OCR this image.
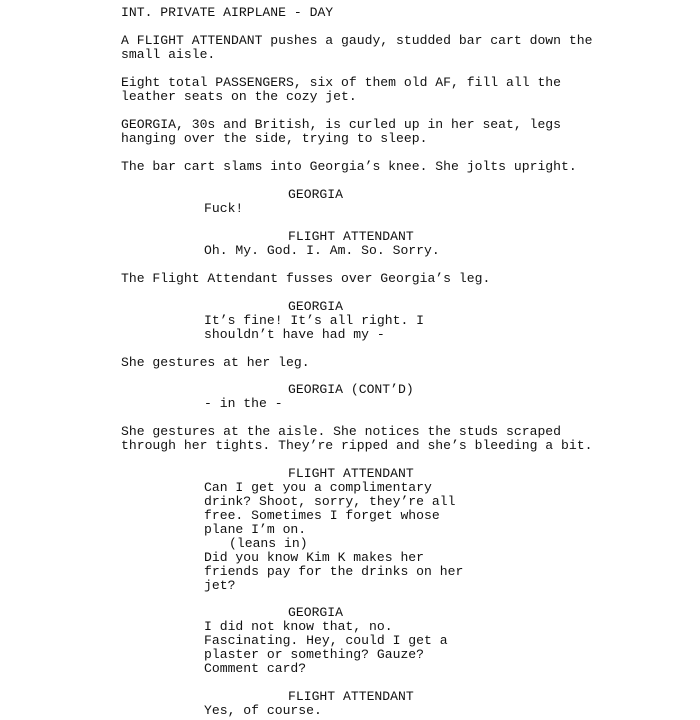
INT. PRIVATE AIRPLANE - DAY
A FLIGHT ATTENDANT pushes a gaudy, studded bar cart down the
small aisle.
Eight total PASSENGERS, six of them old AF, fill all the
leather seats on the cozy jet.
GEORGIA, 30s and British, is curled up in her seat, legs
hanging over the side, trying to sleep.
The bar cart slams into Georgia’s knee. She jolts upright.
GEORGIA
Fuck!
FLIGHT ATTENDANT
Oh. My. God. I. Am. So. Sorry.
The Flight Attendant fusses over Georgia’s leg.
GEORGIA
It’s fine! It’s all right. I
shouldn’t have had my -
She gestures at her leg.
GEORGIA (CONT’D)
- in the -
She gestures at the aisle. She notices the studs scraped
through her tights. They’re ripped and she’s bleeding a bit.
FLIGHT ATTENDANT
Can I get you a complimentary
drink? Shoot, sorry, they’re all
free. Sometimes I forget whose
plane I’m on.
(leans in)
Did you know Kim K makes her
friends pay for the drinks on her
jet?
GEORGIA
I did not know that, no.
Fascinating. Hey, could I get a
plaster or something? Gauze?
Comment card?
FLIGHT ATTENDANT
Yes, of course.
